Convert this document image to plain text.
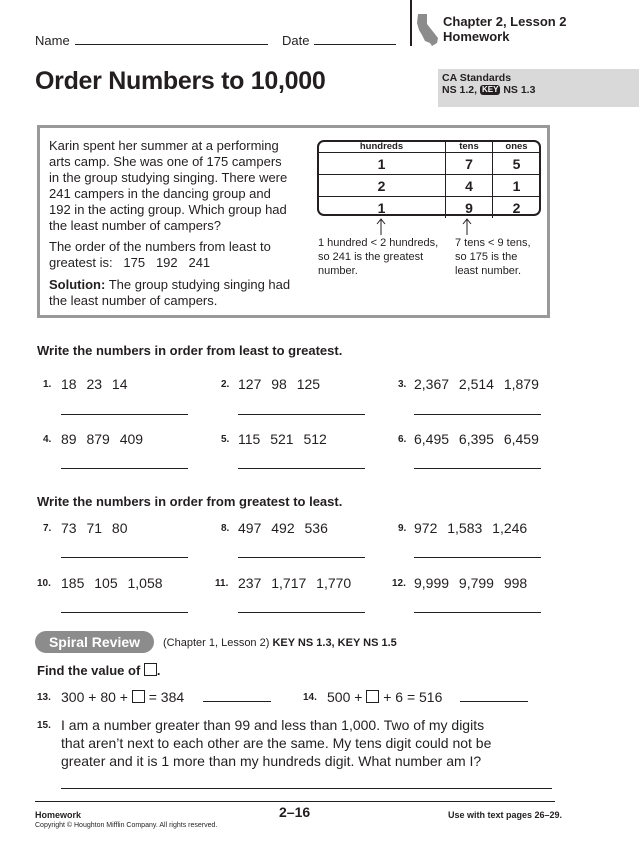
Name	Date
Chapter 2, Lesson 2
Homework
Order Numbers to 10,000	CA Standards
NS 1.2, KEY NS 1.3
Karin spent her summer at a performing
arts camp. She was one of 175 campers
in the group studying singing. There were
241 campers in the dancing group and
192 in the acting group. Which group had
the least number of campers?
The order of the numbers from least to
greatest is:   175   192   241
Solution: The group studying singing had
the least number of campers.
hundreds	tens	ones
1	7	5
2	4	1
1	9	2
1 hundred < 2 hundreds,
so 241 is the greatest
number.
7 tens < 9 tens,
so 175 is the
least number.
Write the numbers in order from least to greatest.
1. 18 23 14	2. 127 98 125	3. 2,367 2,514 1,879
4. 89 879 409	5. 115 521 512	6. 6,495 6,395 6,459
Write the numbers in order from greatest to least.
7. 73 71 80	8. 497 492 536	9. 972 1,583 1,246
10. 185 105 1,058	11. 237 1,717 1,770	12. 9,999 9,799 998
Spiral Review	(Chapter 1, Lesson 2) KEY NS 1.3, KEY NS 1.5
Find the value of .
13. 300 + 80 + = 384	14. 500 + + 6 = 516
15. I am a number greater than 99 and less than 1,000. Two of my digits
that aren’t next to each other are the same. My tens digit could not be
greater and it is 1 more than my hundreds digit. What number am I?
Homework
Copyright © Houghton Mifflin Company. All rights reserved.
2–16	Use with text pages 26–29.
